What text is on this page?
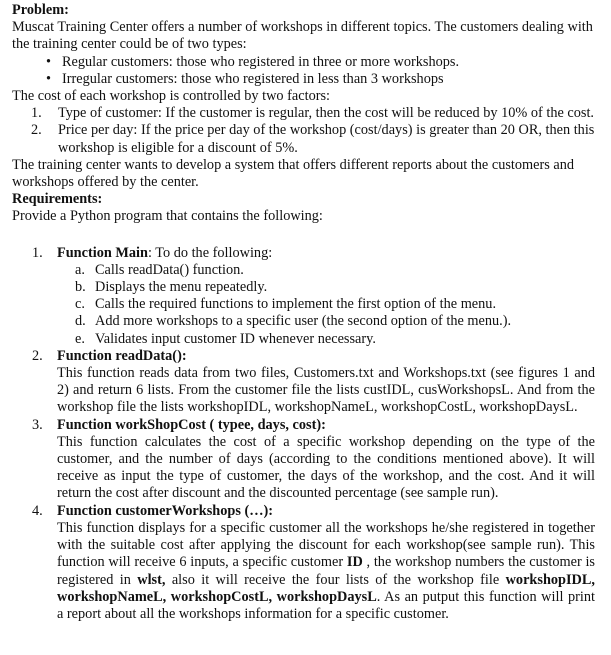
Problem:

Muscat Training Center offers a number of workshops in different topics. The customers dealing with the training center could be of two types:

• Regular customers: those who registered in three or more workshops.
• Irregular customers: those who registered in less than 3 workshops

The cost of each workshop is controlled by two factors:

1. Type of customer: If the customer is regular, then the cost will be reduced by 10% of the cost.
2. Price per day: If the price per day of the workshop (cost/days) is greater than 20 OR, then this workshop is eligible for a discount of 5%.

The training center wants to develop a system that offers different reports about the customers and workshops offered by the center.

Requirements:

Provide a Python program that contains the following:

1. Function Main: To do the following:
a. Calls readData() function.
b. Displays the menu repeatedly.
c. Calls the required functions to implement the first option of the menu.
d. Add more workshops to a specific user (the second option of the menu.).
e. Validates input customer ID whenever necessary.
2. Function readData():

This function reads data from two files, Customers.txt and Workshops.txt (see figures 1 and 2) and return 6 lists. From the customer file the lists custIDL, cusWorkshopsL. And from the workshop file the lists workshopIDL, workshopNameL, workshopCostL, workshopDaysL.

3. Function workShopCost ( typee, days, cost):

This function calculates the cost of a specific workshop depending on the type of the customer, and the number of days (according to the conditions mentioned above). It will receive as input the type of customer, the days of the workshop, and the cost. And it will return the cost after discount and the discounted percentage (see sample run).

4. Function customerWorkshops (…):

This function displays for a specific customer all the workshops he/she registered in together with the suitable cost after applying the discount for each workshop(see sample run). This function will receive 6 inputs, a specific customer ID , the workshop numbers the customer is registered in wlst, also it will receive the four lists of the workshop file workshopIDL, workshopNameL, workshopCostL, workshopDaysL. As an putput this function will print a report about all the workshops information for a specific customer.
